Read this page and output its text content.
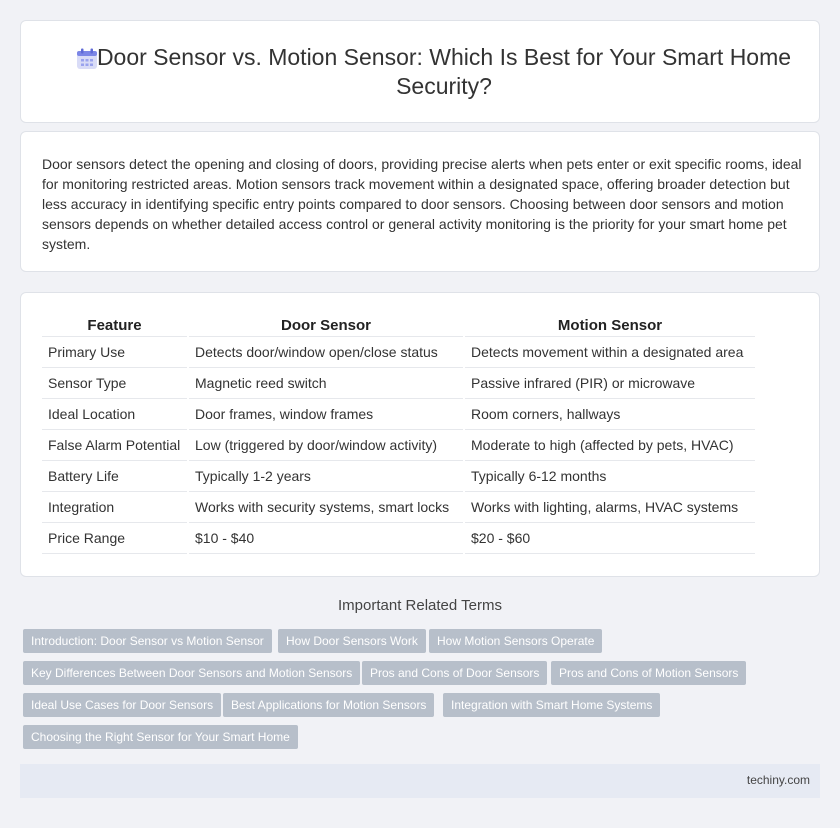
Door Sensor vs. Motion Sensor: Which Is Best for Your Smart Home Security?

Door sensors detect the opening and closing of doors, providing precise alerts when pets enter or exit specific rooms, ideal for monitoring restricted areas. Motion sensors track movement within a designated space, offering broader detection but less accuracy in identifying specific entry points compared to door sensors. Choosing between door sensors and motion sensors depends on whether detailed access control or general activity monitoring is the priority for your smart home pet system.

Feature		Door Sensor		Motion Sensor
Primary Use		Detects door/window open/close status		Detects movement within a designated area
Sensor Type		Magnetic reed switch		Passive infrared (PIR) or microwave
Ideal Location		Door frames, window frames		Room corners, hallways
False Alarm Potential		Low (triggered by door/window activity)		Moderate to high (affected by pets, HVAC)
Battery Life		Typically 1-2 years		Typically 6-12 months
Integration		Works with security systems, smart locks		Works with lighting, alarms, HVAC systems
Price Range		$10 - $40		$20 - $60
Important Related Terms
Introduction: Door Sensor vs Motion Sensor	How Door Sensors Work	How Motion Sensors Operate
Key Differences Between Door Sensors and Motion Sensors	Pros and Cons of Door Sensors	Pros and Cons of Motion Sensors
Ideal Use Cases for Door Sensors	Best Applications for Motion Sensors	Integration with Smart Home Systems
Choosing the Right Sensor for Your Smart Home
techiny.com
